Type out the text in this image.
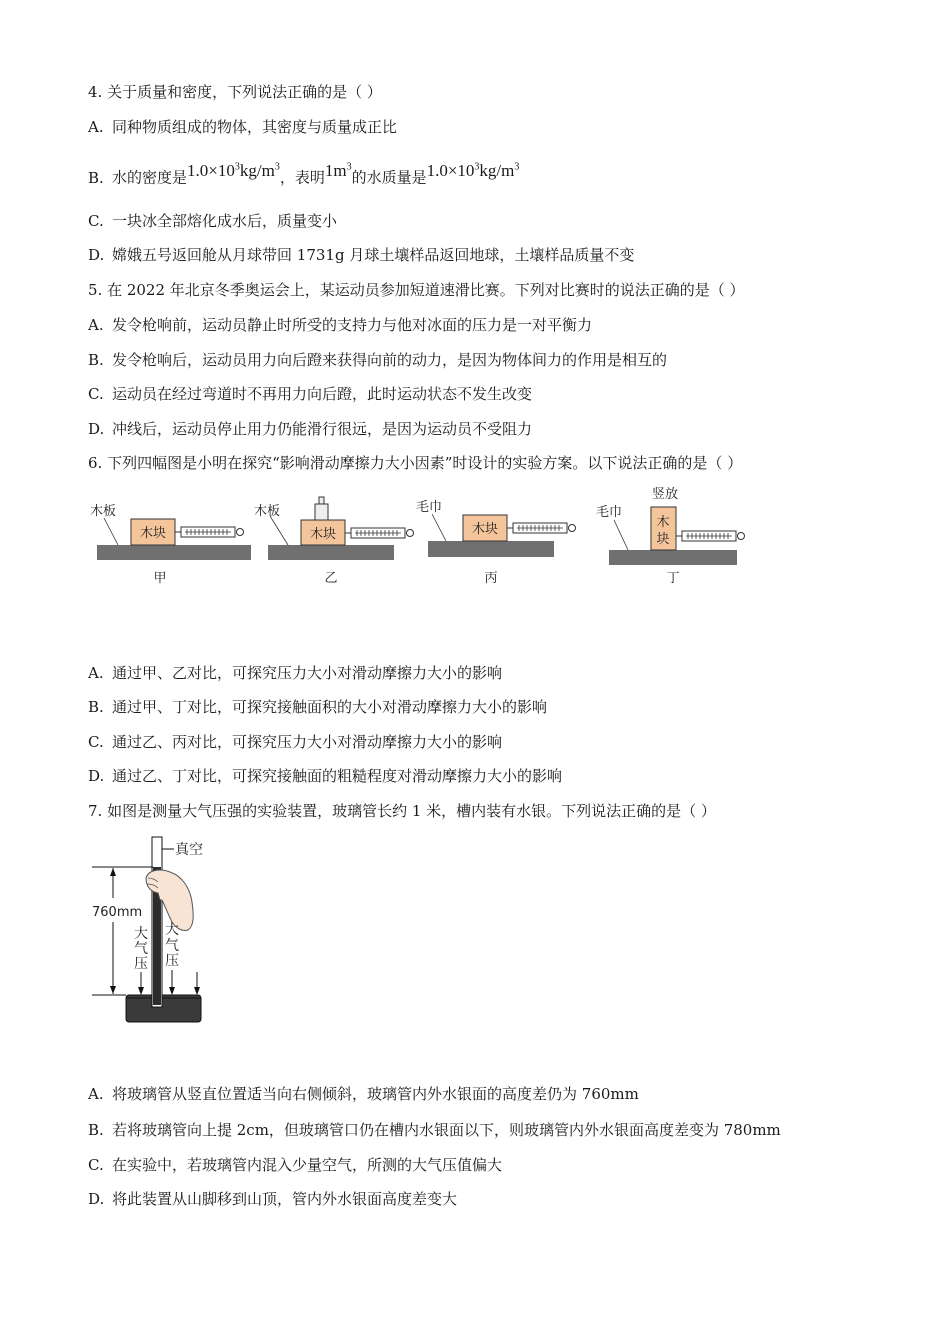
4. 关于质量和密度，下列说法正确的是（ ）
A. 同种物质组成的物体，其密度与质量成正比
B. 水的密度是$1.0\times 10^3kg/m^3$，表明$1m^3$的水质量是$1.0\times 10^3kg/m^3$
C. 一块冰全部熔化成水后，质量变小
D. 嫦娥五号返回舱从月球带回 1731g 月球土壤样品返回地球，土壤样品质量不变
5. 在 2022 年北京冬季奥运会上，某运动员参加短道速滑比赛。下列对比赛时的说法正确的是（ ）
A. 发令枪响前，运动员静止时所受的支持力与他对冰面的压力是一对平衡力
B. 发令枪响后，运动员用力向后蹬来获得向前的动力，是因为物体间力的作用是相互的
C. 运动员在经过弯道时不再用力向后蹬，此时运动状态不发生改变
D. 冲线后，运动员停止用力仍能滑行很远，是因为运动员不受阻力
6. 下列四幅图是小明在探究“影响滑动摩擦力大小因素”时设计的实验方案。以下说法正确的是（ ）
木板
木块
甲
木板
木块
乙
毛巾
木块
丙
毛巾
竖放
木
块
丁
A. 通过甲、乙对比，可探究压力大小对滑动摩擦力大小的影响
B. 通过甲、丁对比，可探究接触面积的大小对滑动摩擦力大小的影响
C. 通过乙、丙对比，可探究压力大小对滑动摩擦力大小的影响
D. 通过乙、丁对比，可探究接触面的粗糙程度对滑动摩擦力大小的影响
7. 如图是测量大气压强的实验装置，玻璃管长约 1 米，槽内装有水银。下列说法正确的是（ ）
真空
760mm
大
气
压
大
气
压
A. 将玻璃管从竖直位置适当向右侧倾斜，玻璃管内外水银面的高度差仍为 760mm
B. 若将玻璃管向上提 2cm，但玻璃管口仍在槽内水银面以下，则玻璃管内外水银面高度差变为 780mm
C. 在实验中，若玻璃管内混入少量空气，所测的大气压值偏大
D. 将此装置从山脚移到山顶，管内外水银面高度差变大
